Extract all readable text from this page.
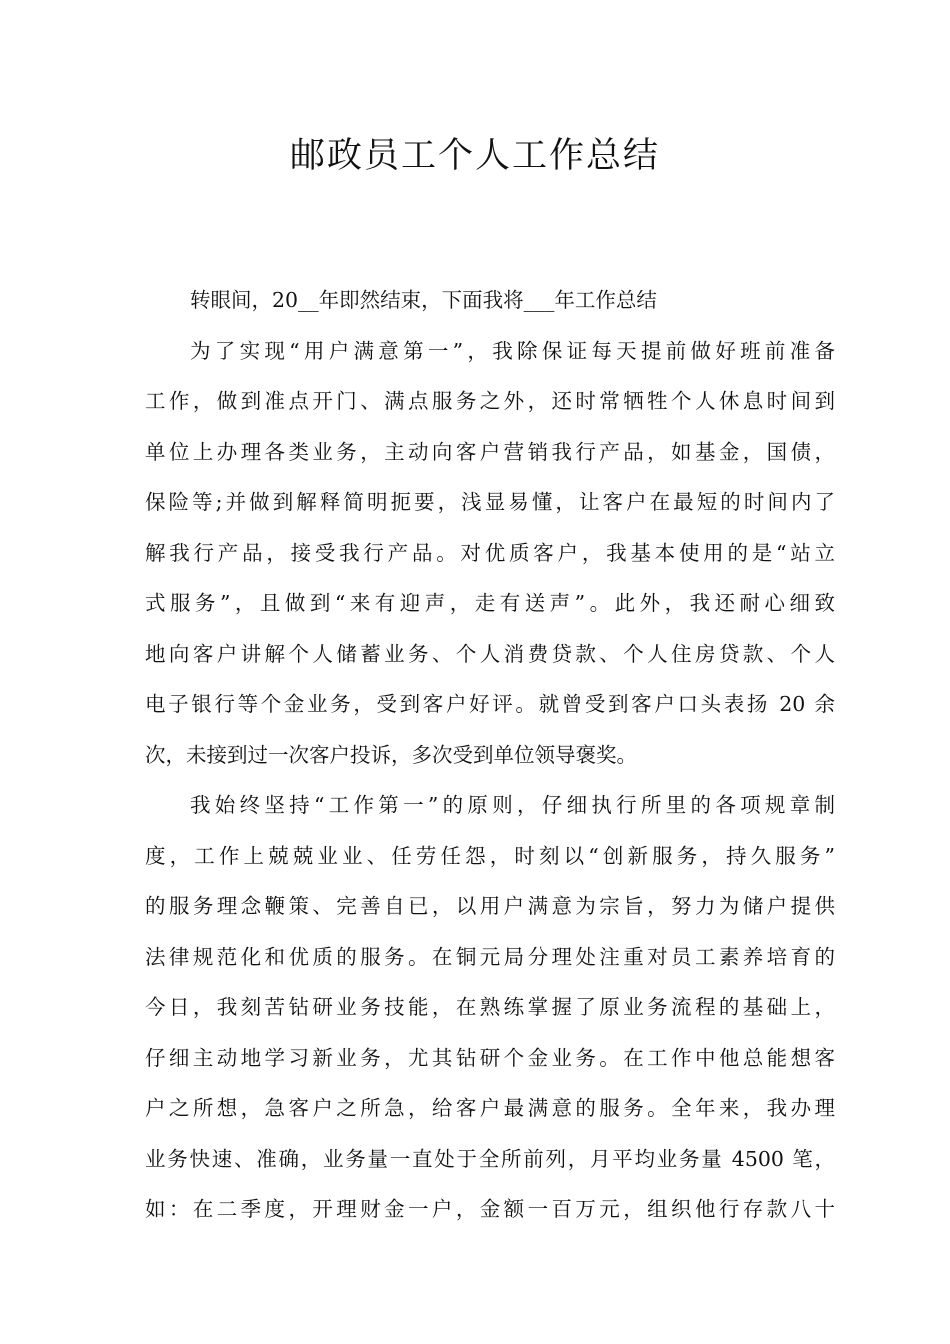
邮政员工个人工作总结
转眼间，20__年即然结束，下面我将___年工作总结
为了实现“用户满意第一”，我除保证每天提前做好班前准备
工作，做到准点开门、满点服务之外，还时常牺牲个人休息时间到
单位上办理各类业务，主动向客户营销我行产品，如基金，国债，
保险等;并做到解释简明扼要，浅显易懂，让客户在最短的时间内了
解我行产品，接受我行产品。对优质客户，我基本使用的是“站立
式服务”，且做到“来有迎声，走有送声”。此外，我还耐心细致
地向客户讲解个人储蓄业务、个人消费贷款、个人住房贷款、个人
电子银行等个金业务，受到客户好评。就曾受到客户口头表扬 20 余
次，未接到过一次客户投诉，多次受到单位领导褒奖。
我始终坚持“工作第一”的原则，仔细执行所里的各项规章制
度，工作上兢兢业业、任劳任怨，时刻以“创新服务，持久服务”
的服务理念鞭策、完善自已，以用户满意为宗旨，努力为储户提供
法律规范化和优质的服务。在铜元局分理处注重对员工素养培育的
今日，我刻苦钻研业务技能，在熟练掌握了原业务流程的基础上，
仔细主动地学习新业务，尤其钻研个金业务。在工作中他总能想客
户之所想，急客户之所急，给客户最满意的服务。全年来，我办理
业务快速、准确，业务量一直处于全所前列，月平均业务量 4500 笔，
如：在二季度，开理财金一户，金额一百万元，组织他行存款八十
